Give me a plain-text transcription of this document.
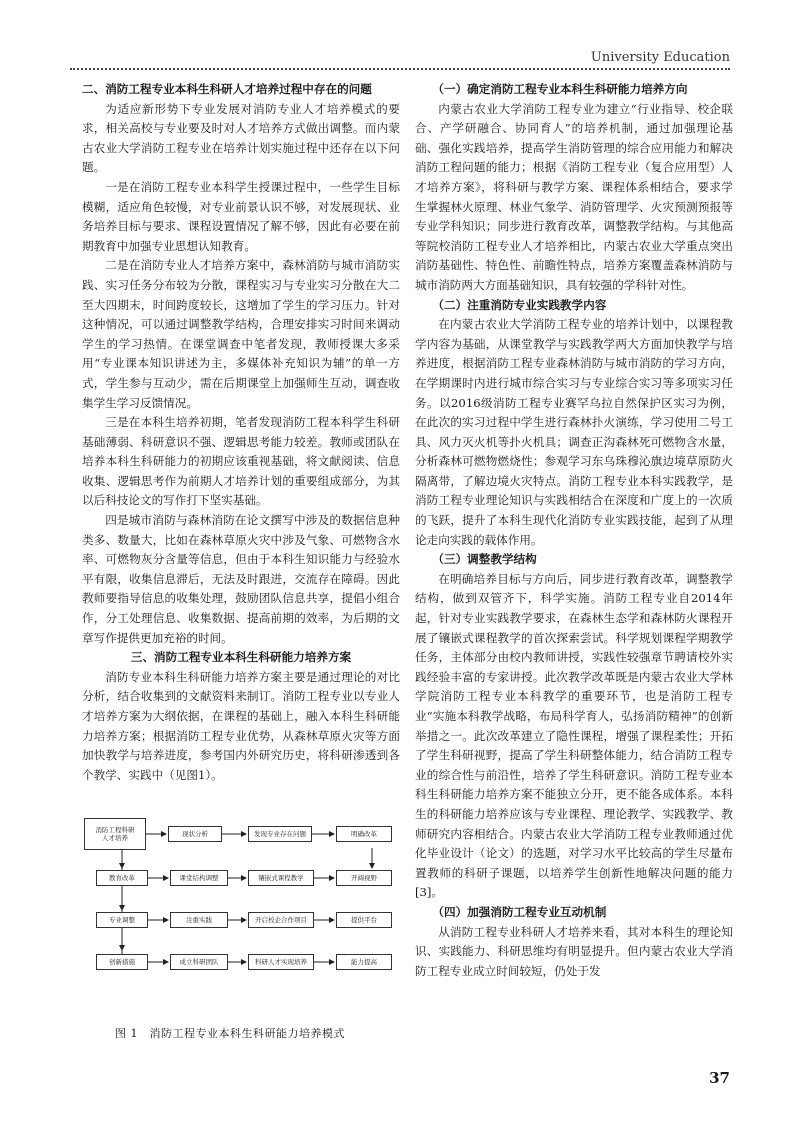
University Education

二、消防工程专业本科生科研人才培养过程中存在的问题

为适应新形势下专业发展对消防专业人才培养模式的要求，相关高校与专业要及时对人才培养方式做出调整。而内蒙古农业大学消防工程专业在培养计划实施过程中还存在以下问题。

一是在消防工程专业本科学生授课过程中，一些学生目标模糊，适应角色较慢，对专业前景认识不够，对发展现状、业务培养目标与要求、课程设置情况了解不够，因此有必要在前期教育中加强专业思想认知教育。

二是在消防专业人才培养方案中，森林消防与城市消防实践、实习任务分布较为分散，课程实习与专业实习分散在大二至大四期末，时间跨度较长，这增加了学生的学习压力。针对这种情况，可以通过调整教学结构，合理安排实习时间来调动学生的学习热情。在课堂调查中笔者发现，教师授课大多采用“专业课本知识讲述为主，多媒体补充知识为辅”的单一方式，学生参与互动少，需在后期课堂上加强师生互动，调查收集学生学习反馈情况。

三是在本科生培养初期，笔者发现消防工程本科学生科研基础薄弱、科研意识不强、逻辑思考能力较差。教师或团队在培养本科生科研能力的初期应该重视基础，将文献阅读、信息收集、逻辑思考作为前期人才培养计划的重要组成部分，为其以后科技论文的写作打下坚实基础。

四是城市消防与森林消防在论文撰写中涉及的数据信息种类多、数量大，比如在森林草原火灾中涉及气象、可燃物含水率、可燃物灰分含量等信息，但由于本科生知识能力与经验水平有限，收集信息滞后，无法及时跟进，交流存在障碍。因此教师要指导信息的收集处理，鼓励团队信息共享，提倡小组合作，分工处理信息、收集数据、提高前期的效率，为后期的文章写作提供更加充裕的时间。

三、消防工程专业本科生科研能力培养方案

消防专业本科生科研能力培养方案主要是通过理论的对比分析，结合收集到的文献资料来制订。消防工程专业以专业人才培养方案为大纲依据，在课程的基础上，融入本科生科研能力培养方案；根据消防工程专业优势，从森林草原火灾等方面加快教学与培养进度，参考国内外研究历史，将科研渗透到各个教学、实践中（见图1）。

（一）确定消防工程专业本科生科研能力培养方向

内蒙古农业大学消防工程专业为建立“行业指导、校企联合、产学研融合、协同育人”的培养机制，通过加强理论基础、强化实践培养，提高学生消防管理的综合应用能力和解决消防工程问题的能力；根据《消防工程专业（复合应用型）人才培养方案》，将科研与教学方案、课程体系相结合，要求学生掌握林火原理、林业气象学、消防管理学、火灾预测预报等专业学科知识；同步进行教育改革，调整教学结构。与其他高等院校消防工程专业人才培养相比，内蒙古农业大学重点突出消防基础性、特色性、前瞻性特点，培养方案覆盖森林消防与城市消防两大方面基础知识，具有较强的学科针对性。

（二）注重消防专业实践教学内容

在内蒙古农业大学消防工程专业的培养计划中，以课程教学内容为基础，从课堂教学与实践教学两大方面加快教学与培养进度，根据消防工程专业森林消防与城市消防的学习方向，在学期课时内进行城市综合实习与专业综合实习等多项实习任务。以2016级消防工程专业赛罕乌拉自然保护区实习为例，在此次的实习过程中学生进行森林扑火演练，学习使用二号工具、风力灭火机等扑火机具；调查正沟森林死可燃物含水量，分析森林可燃物燃烧性；参观学习东乌珠穆沁旗边境草原防火隔离带，了解边境火灾特点。消防工程专业本科实践教学，是消防工程专业理论知识与实践相结合在深度和广度上的一次质的飞跃，提升了本科生现代化消防专业实践技能，起到了从理论走向实践的载体作用。

（三）调整教学结构

在明确培养目标与方向后，同步进行教育改革，调整教学结构，做到双管齐下，科学实施。消防工程专业自2014年起，针对专业实践教学要求，在森林生态学和森林防火课程开展了镶嵌式课程教学的首次探索尝试。科学规划课程学期教学任务，主体部分由校内教师讲授，实践性较强章节聘请校外实践经验丰富的专家讲授。此次教学改革既是内蒙古农业大学林学院消防工程专业本科教学的重要环节，也是消防工程专业“实施本科教学战略，布局科学育人，弘扬消防精神”的创新举措之一。此次改革建立了隐性课程，增强了课程柔性；开拓了学生科研视野，提高了学生科研整体能力，结合消防工程专业的综合性与前沿性，培养了学生科研意识。消防工程专业本科生科研能力培养方案不能独立分开，更不能各成体系。本科生的科研能力培养应该与专业课程、理论教学、实践教学、教师研究内容相结合。内蒙古农业大学消防工程专业教师通过优化毕业设计（论文）的选题，对学习水平比较高的学生尽量布置教师的科研子课题，以培养学生创新性地解决问题的能力[3]。

（四）加强消防工程专业互动机制

从消防工程专业科研人才培养来看，其对本科生的理论知识、实践能力、科研思维均有明显提升。但内蒙古农业大学消防工程专业成立时间较短，仍处于发

消防工程科研
人才培养	现状分析	发现专业存在问题	明确改革
教育改革	课堂结构调整	镶嵌式课程教学	开阔视野
专业调整	注重实践	开启校企合作项目	提供平台
创新措施	成立科研团队	科研人才实现培养	能力提高
图 1　消防工程专业本科生科研能力培养模式
37
